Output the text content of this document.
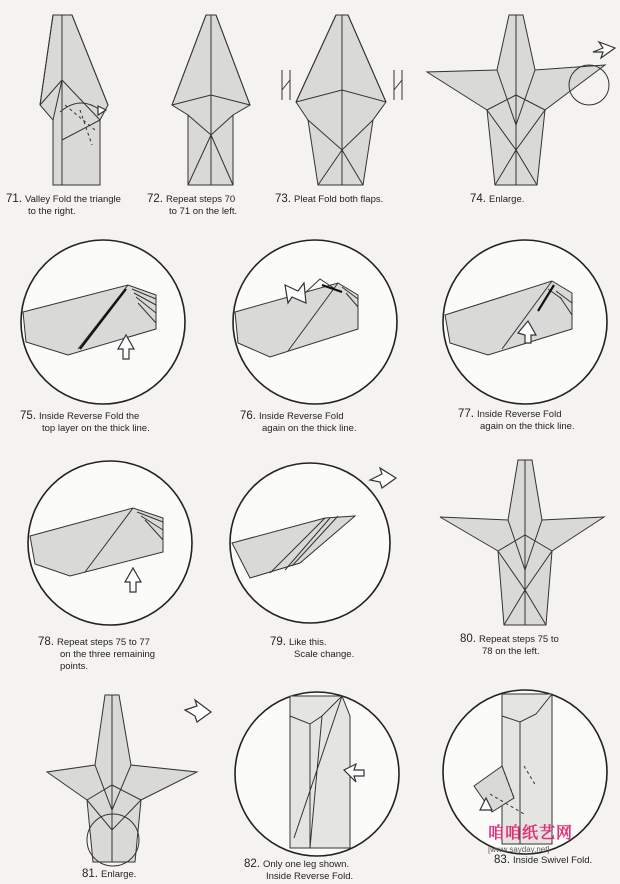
71. Valley Fold the triangle
to the right.
72. Repeat steps 70
to 71 on the left.
73. Pleat Fold both flaps.	74. Enlarge.
75. Inside Reverse Fold the
top layer on the thick line.
76. Inside Reverse Fold
again on the thick line.
77. Inside Reverse Fold
again on the thick line.
78. Repeat steps 75 to 77
on the three remaining
points.
79. Like this.
Scale change.
80. Repeat steps 75 to
78 on the left.
81. Enlarge.
82. Only one leg shown.
Inside Reverse Fold.
83. Inside Swivel Fold.
咱咱纸艺网
[www.sayday.net]
